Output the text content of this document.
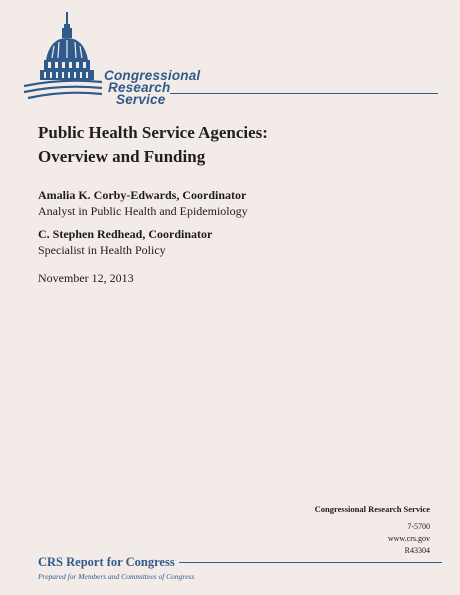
Congressional
Research
Service
Public Health Service Agencies:
Overview and Funding
Amalia K. Corby-Edwards, Coordinator
Analyst in Public Health and Epidemiology
C. Stephen Redhead, Coordinator
Specialist in Health Policy
November 12, 2013
Congressional Research Service
7-5700
www.crs.gov
R43304
CRS Report for Congress
Prepared for Members and Committees of Congress
